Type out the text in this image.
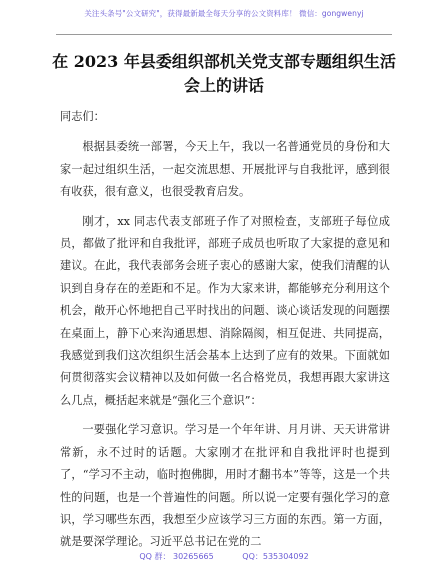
关注头条号"公文研究"，获得最新最全每天分享的公文资料库！ 微信：gongwenyj
在 2023 年县委组织部机关党支部专题组织生活
会上的讲话

同志们：

根据县委统一部署，今天上午，我以一名普通党员的身份和大家一起过组织生活，一起交流思想、开展批评与自我批评，感到很有收获，很有意义，也很受教育启发。

刚才，xx 同志代表支部班子作了对照检查，支部班子每位成员，都做了批评和自我批评，部班子成员也听取了大家提的意见和建议。在此，我代表部务会班子衷心的感谢大家，使我们清醒的认识到自身存在的差距和不足。作为大家来讲，都能够充分利用这个机会，敞开心怀地把自己平时找出的问题、谈心谈话发现的问题摆在桌面上，静下心来沟通思想、消除隔阂，相互促进、共同提高，我感觉到我们这次组织生活会基本上达到了应有的效果。下面就如何贯彻落实会议精神以及如何做一名合格党员，我想再跟大家讲这么几点，概括起来就是“强化三个意识”：

一要强化学习意识。学习是一个年年讲、月月讲、天天讲常讲常新，永不过时的话题。大家刚才在批评和自我批评时也提到了，“学习不主动，临时抱佛脚，用时才翻书本”等等，这是一个共性的问题，也是一个普遍性的问题。所以说一定要有强化学习的意识，学习哪些东西，我想至少应该学习三方面的东西。第一方面，就是要深学理论。习近平总书记在党的二

QQ 群： 30265665	QQ：535304092
